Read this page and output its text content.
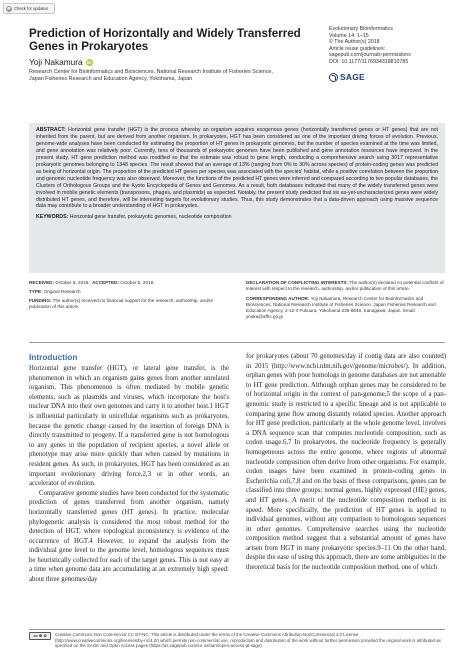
Check for updates
Prediction of Horizontally and Widely Transferred Genes in Prokaryotes
Yoji Nakamura iD

Research Center for Bioinformatics and Biosciences, National Research Institute of Fisheries Science, Japan Fisheries Research and Education Agency, Yokohama, Japan

Evolutionary Bioinformatics
Volume 14: 1–15
© The Author(s) 2018
Article reuse guidelines:
sagepub.com/journals-permissions
DOI: 10.1177/1176934318810785
SAGE

ABSTRACT: Horizontal gene transfer (HGT) is the process whereby an organism acquires exogenous genes (horizontally transferred genes or HT genes) that are not inherited from the parent, but are derived from another organism. In prokaryotes, HGT has been considered as one of the important driving forces of evolution. Previous, genome-wide analyses have been conducted for estimating the proportion of HT genes in prokaryotic genomes, but the number of species examined at the time was limited, and gene annotation was relatively poor. Currently, tens of thousands of prokaryotic genomes have been published and gene annotation resources have improved. In the present study, HT gene prediction method was modified so that the estimate was robust to gene length, conducting a comprehensive search using 3017 representative prokaryotic genomes belonging to 1348 species. The result showed that an average of 13% (ranging from 0% to 30% across species) of protein-coding genes was predicted as being of horizontal origin. The proportion of the predicted HT genes per species was associated with the species' habitat, while a positive correlation between the proportion and genomic nucleotide frequency was also observed. Moreover, the functions of the predicted HT genes were inferred and compared according to two popular databases, the Clusters of Orthologous Groups and the Kyoto Encyclopedia of Genes and Genomes. As a result, both databases indicated that many of the widely transferred genes were involved in mobile genetic elements (transposons, phages, and plasmids) as expected. Notably, the present study predicted that six as-yet-uncharacterized genes were widely distributed HT genes, and therefore, will be interesting targets for evolutionary studies. Thus, this study demonstrates that a data-driven approach using massive sequence data may contribute to a broader understanding of HGT in prokaryotes.

KEYWORDS: Horizontal gene transfer, prokaryotic genomes, nucleotide composition

RECEIVED: October 5, 2018. ACCEPTED: October 5, 2018.

TYPE: Original Research

FUNDING: The author(s) received no financial support for the research, authorship, and/or publication of this article.

DECLARATION OF CONFLICTING INTERESTS: The author(s) declared no potential conflicts of interest with respect to the research, authorship, and/or publication of this article.

CORRESPONDING AUTHOR: Yoji Nakamura, Research Center for Bioinformatics and Biosciences, National Research Institute of Fisheries Science, Japan Fisheries Research and Education Agency, 2-12-4 Fukuura, Yokohama 236-8648, Kanagawa, Japan. Email: ynaka@affrc.go.jp

Introduction

Horizontal gene transfer (HGT), or lateral gene transfer, is the phenomenon in which an organism gains genes from another unrelated organism. This phenomenon is often mediated by mobile genetic elements, such as plasmids and viruses, which incorporate the host's nuclear DNA into their own genomes and carry it to another host.1 HGT is influential particularly in unicellular organisms such as prokaryotes, because the genetic change caused by the insertion of foreign DNA is directly transmitted to progeny. If a transferred gene is not homologous to any genes in the population of recipient species, a novel allele or phenotype may arise more quickly than when caused by mutations in resident genes. As such, in prokaryotes, HGT has been considered as an important evolutionary driving force,2,3 or in other words, an accelerator of evolution.

Comparative genome studies have been conducted for the systematic prediction of genes transferred from another organism, namely horizontally transferred genes (HT genes). In practice, molecular phylogenetic analysis is considered the most robust method for the detection of HGT, where topological inconsistency is evidence of the occurrence of HGT.4 However, to expand the analysis from the individual gene level to the genome level, homologous sequences must be heuristically collected for each of the target genes. This is not easy at a time when genome data are accumulating at an extremely high speed: about three genomes/day

for prokaryotes (about 70 genomes/day if contig data are also counted) in 2015 (http://www.ncbi.nlm.nih.gov/genome/microbes/). In addition, orphan genes with poor homologs in genome databases are not amenable to HT gene prediction. Although orphan genes may be considered to be of horizontal origin in the context of pan-genome,5 the scope of a pan-genomic study is restricted to a specific lineage and is not applicable to comparing gene flow among distantly related species. Another approach for HT gene prediction, particularly at the whole genome level, involves a DNA sequence scan that computes nucleotide composition, such as codon usage.6,7 In prokaryotes, the nucleotide frequency is generally homogeneous across the entire genome, where regions of abnormal nucleotide composition often derive from other organisms. For example, codon usages have been examined in protein-coding genes in Escherichia coli,7,8 and on the basis of these comparisons, genes can be classified into three groups: normal genes, highly expressed (HE) genes, and HT genes. A merit of the nucleotide composition method is its speed. More specifically, the prediction of HT genes is applied to individual genomes, without any comparison to homologous sequences in other genomes. Comprehensive searches using the nucleotide composition method suggest that a substantial amount of genes have arisen from HGT in many prokaryotic species.9–11 On the other hand, despite the ease of using this approach, there are some ambiguities in the theoretical basis for the nucleotide composition method, one of which

cc ⊕ ⊜	Creative Commons Non Commercial CC BY-NC: This article is distributed under the terms of the Creative Commons Attribution-NonCommercial 4.0 License (http://www.creativecommons.org/licenses/by-nc/4.0/) which permits non-commercial use, reproduction and distribution of the work without further permission provided the original work is attributed as specified on the SAGE and Open Access pages (https://us.sagepub.com/en-us/nam/open-access-at-sage).
